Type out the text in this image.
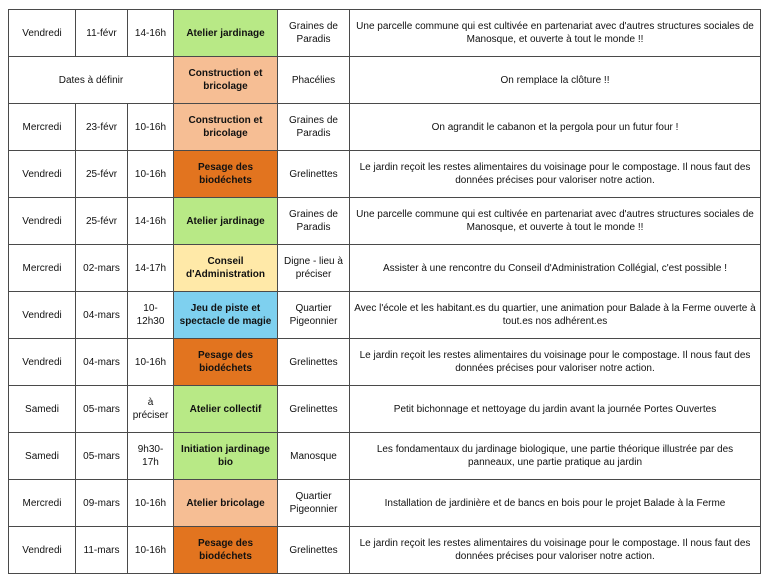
Vendredi	11-févr	14-16h	Atelier jardinage	Graines de Paradis	Une parcelle commune qui est cultivée en partenariat avec d'autres structures sociales de Manosque, et ouverte à tout le monde !!
Dates à définir			Construction et bricolage	Phacélies	On remplace la clôture !!
Mercredi	23-févr	10-16h	Construction et bricolage	Graines de Paradis	On agrandit le cabanon et la pergola pour un futur four !
Vendredi	25-févr	10-16h	Pesage des biodéchets	Grelinettes	Le jardin reçoit les restes alimentaires du voisinage pour le compostage. Il nous faut des données précises pour valoriser notre action.
Vendredi	25-févr	14-16h	Atelier jardinage	Graines de Paradis	Une parcelle commune qui est cultivée en partenariat avec d'autres structures sociales de Manosque, et ouverte à tout le monde !!
Mercredi	02-mars	14-17h	Conseil d'Administration	Digne - lieu à préciser	Assister à une rencontre du Conseil d'Administration Collégial, c'est possible !
Vendredi	04-mars	10-12h30	Jeu de piste et spectacle de magie	Quartier Pigeonnier	Avec l'école et les habitant.es du quartier, une animation pour Balade à la Ferme ouverte à tout.es nos adhérent.es
Vendredi	04-mars	10-16h	Pesage des biodéchets	Grelinettes	Le jardin reçoit les restes alimentaires du voisinage pour le compostage. Il nous faut des données précises pour valoriser notre action.
Samedi	05-mars	à préciser	Atelier collectif	Grelinettes	Petit bichonnage et nettoyage du jardin avant la journée Portes Ouvertes
Samedi	05-mars	9h30-17h	Initiation jardinage bio	Manosque	Les fondamentaux du jardinage biologique, une partie théorique illustrée par des panneaux, une partie pratique au jardin
Mercredi	09-mars	10-16h	Atelier bricolage	Quartier Pigeonnier	Installation de jardinière et de bancs en bois pour le projet Balade à la Ferme
Vendredi	11-mars	10-16h	Pesage des biodéchets	Grelinettes	Le jardin reçoit les restes alimentaires du voisinage pour le compostage. Il nous faut des données précises pour valoriser notre action.
